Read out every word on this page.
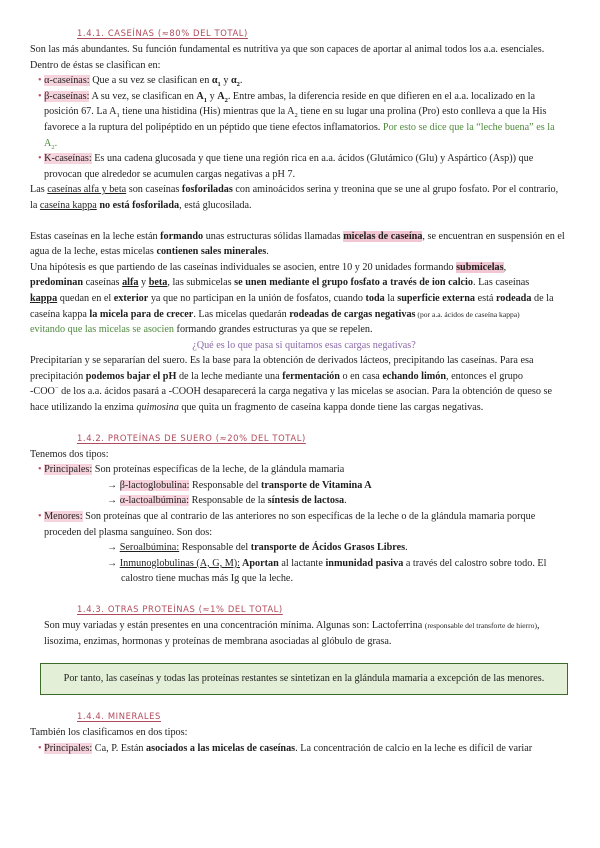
1.4.1. CASEÍNAS (≈80% DEL TOTAL)

Son las más abundantes. Su función fundamental es nutritiva ya que son capaces de aportar al animal todos los a.a. esenciales.

Dentro de éstas se clasifican en:

• α-caseínas: Que a su vez se clasifican en $\alpha_1$ y $\alpha_2$.

• β-caseínas: A su vez, se clasifican en $A_1$ y $A_2$. Entre ambas, la diferencia reside en que difieren en el a.a. localizado en la

posición 67. La $A_1$ tiene una histidina (His) mientras que la $A_2$ tiene en su lugar una prolina (Pro) esto conlleva a que la His

favorece a la ruptura del polipéptido en un péptido que tiene efectos inflamatorios. Por esto se dice que la “leche buena” es la

$A_2$.

• K-caseínas: Es una cadena glucosada y que tiene una región rica en a.a. ácidos (Glutámico (Glu) y Aspártico (Asp)) que

provocan que alrededor se acumulen cargas negativas a pH 7.

Las caseínas alfa y beta son caseínas fosforiladas con aminoácidos serina y treonina que se une al grupo fosfato. Por el contrario,

la caseína kappa no está fosforilada, está glucosilada.

Estas caseínas en la leche están formando unas estructuras sólidas llamadas micelas de caseína, se encuentran en suspensión en el

agua de la leche, estas micelas contienen sales minerales.

Una hipótesis es que partiendo de las caseínas individuales se asocien, entre 10 y 20 unidades formando submicelas,

predominan caseínas alfa y beta, las submicelas se unen mediante el grupo fosfato a través de ion calcio. Las caseínas

kappa quedan en el exterior ya que no participan en la unión de fosfatos, cuando toda la superficie externa está rodeada de la

caseína kappa la micela para de crecer. Las micelas quedarán rodeadas de cargas negativas (por a.a. ácidos de caseína kappa)

evitando que las micelas se asocien formando grandes estructuras ya que se repelen.

¿Qué es lo que pasa si quitamos esas cargas negativas?

Precipitarían y se separarían del suero. Es la base para la obtención de derivados lácteos, precipitando las caseínas. Para esa

precipitación podemos bajar el pH de la leche mediante una fermentación o en casa echando limón, entonces el grupo

-COO− de los a.a. ácidos pasará a -COOH desaparecerá la carga negativa y las micelas se asocian. Para la obtención de queso se

hace utilizando la enzima quimosina que quita un fragmento de caseína kappa donde tiene las cargas negativas.

1.4.2. PROTEÍNAS DE SUERO (≈20% DEL TOTAL)

Tenemos dos tipos:

• Principales: Son proteínas específicas de la leche, de la glándula mamaria

→ β-lactoglobulina: Responsable del transporte de Vitamina A

→ α-lactoalbúmina: Responsable de la síntesis de lactosa.

• Menores: Son proteínas que al contrario de las anteriores no son específicas de la leche o de la glándula mamaria porque

proceden del plasma sanguíneo. Son dos:

→ Seroalbúmina: Responsable del transporte de Ácidos Grasos Libres.

→ Inmunoglobulinas (A, G, M): Aportan al lactante inmunidad pasiva a través del calostro sobre todo. El

calostro tiene muchas más Ig que la leche.

1.4.3. OTRAS PROTEÍNAS (≈1% DEL TOTAL)

Son muy variadas y están presentes en una concentración mínima. Algunas son: Lactoferrina (responsable del transforte de hierro),

lisozima, enzimas, hormonas y proteínas de membrana asociadas al glóbulo de grasa.

Por tanto, las caseínas y todas las proteínas restantes se sintetizan en la glándula mamaria a excepción de las menores.
1.4.4. MINERALES

También los clasificamos en dos tipos:

• Principales: Ca, P. Están asociados a las micelas de caseínas. La concentración de calcio en la leche es difícil de variar
